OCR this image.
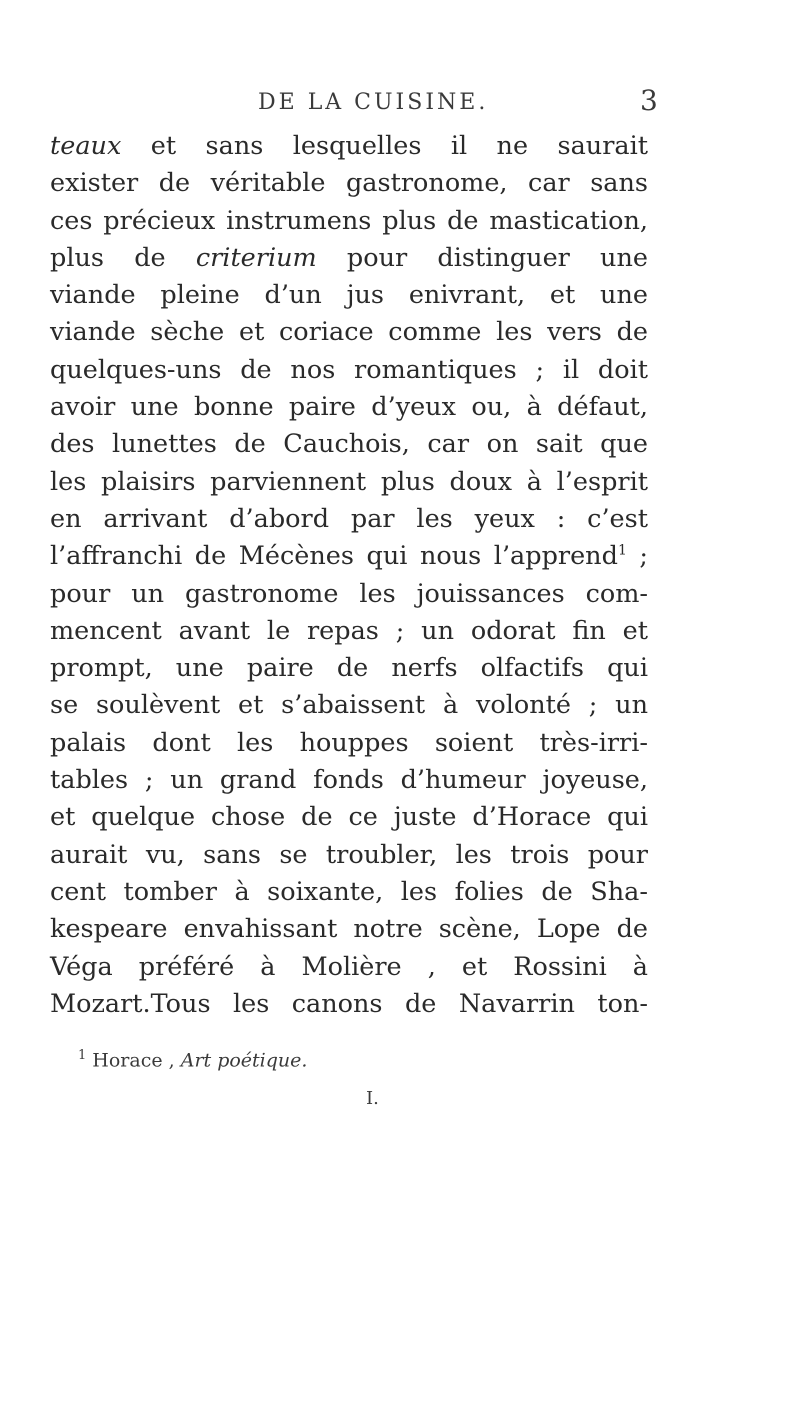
DE LA CUISINE.	3
teaux et sans lesquelles il ne saurait
exister de véritable gastronome, car sans
ces précieux instrumens plus de mastication,
plus de criterium pour distinguer une
viande pleine d’un jus enivrant, et une
viande sèche et coriace comme les vers de
quelques-uns de nos romantiques ; il doit
avoir une bonne paire d’yeux ou, à défaut,
des lunettes de Cauchois, car on sait que
les plaisirs parviennent plus doux à l’esprit
en arrivant d’abord par les yeux : c’est
l’affranchi de Mécènes qui nous l’apprend$^1$ ;
pour un gastronome les jouissances com-
mencent avant le repas ; un odorat fin et
prompt, une paire de nerfs olfactifs qui
se soulèvent et s’abaissent à volonté ; un
palais dont les houppes soient très-irri-
tables ; un grand fonds d’humeur joyeuse,
et quelque chose de ce juste d’Horace qui
aurait vu, sans se troubler, les trois pour
cent tomber à soixante, les folies de Sha-
kespeare envahissant notre scène, Lope de
Véga préféré à Molière , et Rossini à
Mozart.Tous les canons de Navarrin ton-
$^1$ Horace , Art poétique.
I.
